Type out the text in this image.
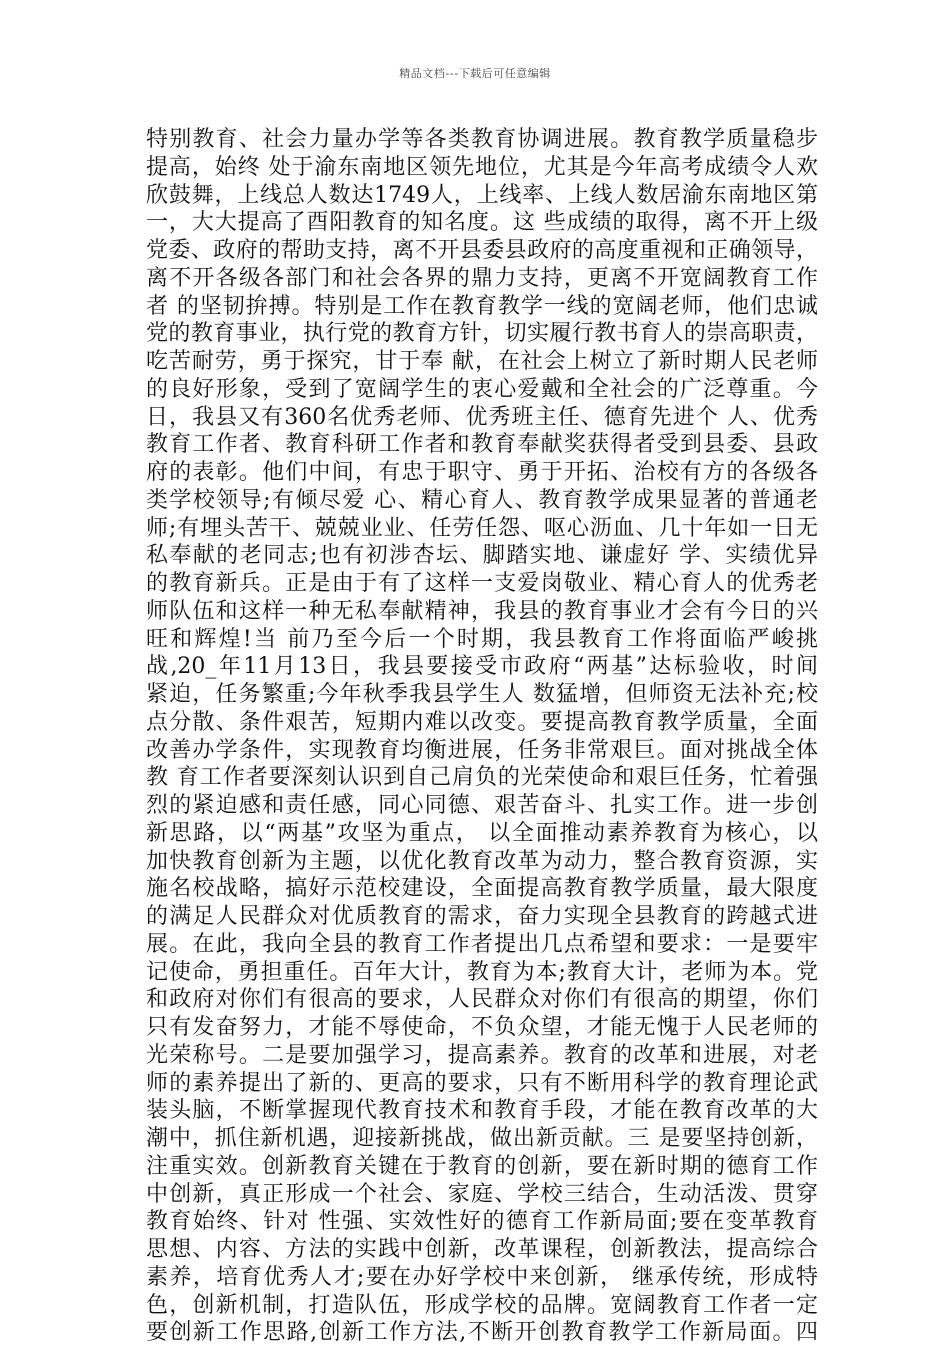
精品文档---下载后可任意编辑
特别教育、社会力量办学等各类教育协调进展。教育教学质量稳步
提高，始终 处于渝东南地区领先地位，尤其是今年高考成绩令人欢
欣鼓舞，上线总人数达1749人，上线率、上线人数居渝东南地区第
一，大大提高了酉阳教育的知名度。这 些成绩的取得，离不开上级
党委、政府的帮助支持，离不开县委县政府的高度重视和正确领导，
离不开各级各部门和社会各界的鼎力支持，更离不开宽阔教育工作
者 的坚韧拚搏。特别是工作在教育教学一线的宽阔老师，他们忠诚
党的教育事业，执行党的教育方针，切实履行教书育人的崇高职责，
吃苦耐劳，勇于探究，甘于奉 献，在社会上树立了新时期人民老师
的良好形象，受到了宽阔学生的衷心爱戴和全社会的广泛尊重。今
日，我县又有360名优秀老师、优秀班主任、德育先进个 人、优秀
教育工作者、教育科研工作者和教育奉献奖获得者受到县委、县政
府的表彰。他们中间，有忠于职守、勇于开拓、治校有方的各级各
类学校领导;有倾尽爱 心、精心育人、教育教学成果显著的普通老
师;有埋头苦干、兢兢业业、任劳任怨、呕心沥血、几十年如一日无
私奉献的老同志;也有初涉杏坛、脚踏实地、谦虚好 学、实绩优异
的教育新兵。正是由于有了这样一支爱岗敬业、精心育人的优秀老
师队伍和这样一种无私奉献精神，我县的教育事业才会有今日的兴
旺和辉煌!当 前乃至今后一个时期，我县教育工作将面临严峻挑
战,20_年11月13日，我县要接受市政府“两基”达标验收，时间
紧迫，任务繁重;今年秋季我县学生人 数猛增，但师资无法补充;校
点分散、条件艰苦，短期内难以改变。要提高教育教学质量，全面
改善办学条件，实现教育均衡进展，任务非常艰巨。面对挑战全体
教 育工作者要深刻认识到自己肩负的光荣使命和艰巨任务，忙着强
烈的紧迫感和责任感，同心同德、艰苦奋斗、扎实工作。进一步创
新思路，以“两基”攻坚为重点， 以全面推动素养教育为核心，以
加快教育创新为主题，以优化教育改革为动力，整合教育资源，实
施名校战略，搞好示范校建设，全面提高教育教学质量，最大限度
的满足人民群众对优质教育的需求，奋力实现全县教育的跨越式进
展。在此，我向全县的教育工作者提出几点希望和要求：一是要牢
记使命，勇担重任。百年大计，教育为本;教育大计，老师为本。党
和政府对你们有很高的要求，人民群众对你们有很高的期望，你们
只有发奋努力，才能不辱使命，不负众望，才能无愧于人民老师的
光荣称号。二是要加强学习，提高素养。教育的改革和进展，对老
师的素养提出了新的、更高的要求，只有不断用科学的教育理论武
装头脑，不断掌握现代教育技术和教育手段，才能在教育改革的大
潮中，抓住新机遇，迎接新挑战，做出新贡献。三 是要坚持创新，
注重实效。创新教育关键在于教育的创新，要在新时期的德育工作
中创新，真正形成一个社会、家庭、学校三结合，生动活泼、贯穿
教育始终、针对 性强、实效性好的德育工作新局面;要在变革教育
思想、内容、方法的实践中创新，改革课程，创新教法，提高综合
素养，培育优秀人才;要在办好学校中来创新， 继承传统，形成特
色，创新机制，打造队伍，形成学校的品牌。宽阔教育工作者一定
要创新工作思路,创新工作方法,不断开创教育教学工作新局面。四
